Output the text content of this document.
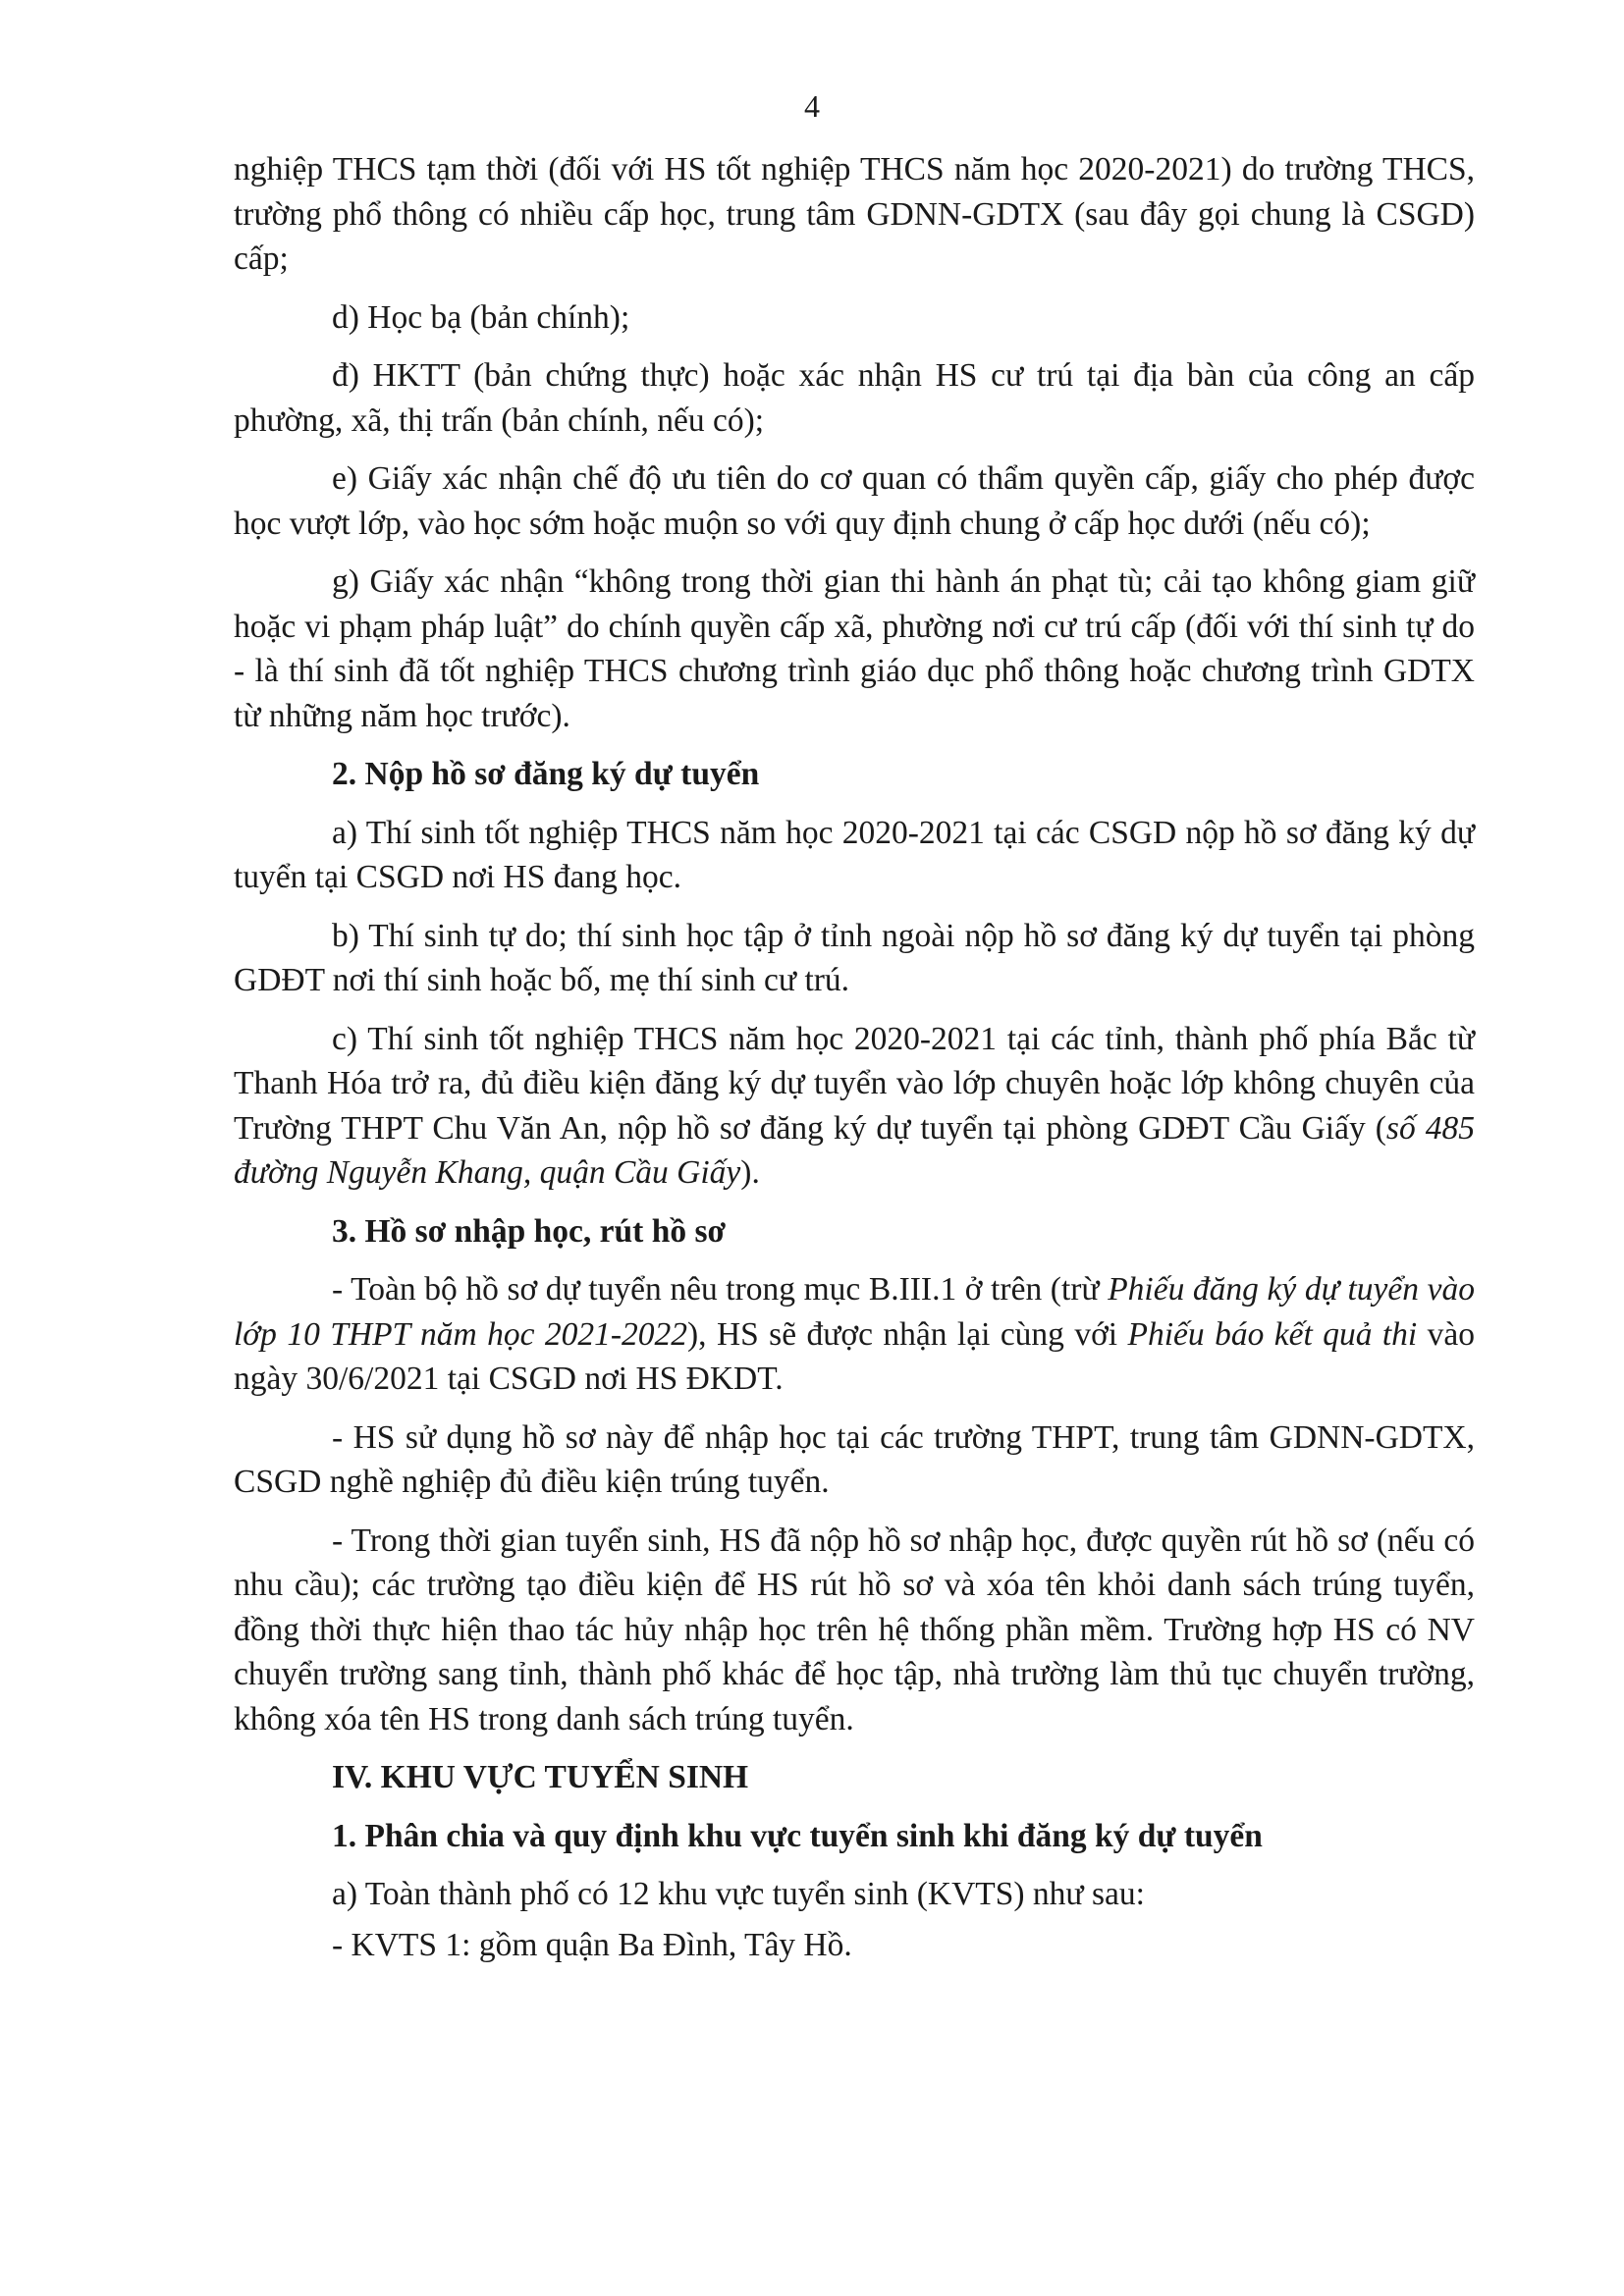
4

nghiệp THCS tạm thời (đối với HS tốt nghiệp THCS năm học 2020-2021) do trường THCS, trường phổ thông có nhiều cấp học, trung tâm GDNN-GDTX (sau đây gọi chung là CSGD) cấp;

d) Học bạ (bản chính);

đ) HKTT (bản chứng thực) hoặc xác nhận HS cư trú tại địa bàn của công an cấp phường, xã, thị trấn (bản chính, nếu có);

e) Giấy xác nhận chế độ ưu tiên do cơ quan có thẩm quyền cấp, giấy cho phép được học vượt lớp, vào học sớm hoặc muộn so với quy định chung ở cấp học dưới (nếu có);

g) Giấy xác nhận “không trong thời gian thi hành án phạt tù; cải tạo không giam giữ hoặc vi phạm pháp luật” do chính quyền cấp xã, phường nơi cư trú cấp (đối với thí sinh tự do - là thí sinh đã tốt nghiệp THCS chương trình giáo dục phổ thông hoặc chương trình GDTX từ những năm học trước).

2. Nộp hồ sơ đăng ký dự tuyển

a) Thí sinh tốt nghiệp THCS năm học 2020-2021 tại các CSGD nộp hồ sơ đăng ký dự tuyển tại CSGD nơi HS đang học.

b) Thí sinh tự do; thí sinh học tập ở tỉnh ngoài nộp hồ sơ đăng ký dự tuyển tại phòng GDĐT nơi thí sinh hoặc bố, mẹ thí sinh cư trú.

c) Thí sinh tốt nghiệp THCS năm học 2020-2021 tại các tỉnh, thành phố phía Bắc từ Thanh Hóa trở ra, đủ điều kiện đăng ký dự tuyển vào lớp chuyên hoặc lớp không chuyên của Trường THPT Chu Văn An, nộp hồ sơ đăng ký dự tuyển tại phòng GDĐT Cầu Giấy (số 485 đường Nguyễn Khang, quận Cầu Giấy).

3. Hồ sơ nhập học, rút hồ sơ

- Toàn bộ hồ sơ dự tuyển nêu trong mục B.III.1 ở trên (trừ Phiếu đăng ký dự tuyển vào lớp 10 THPT năm học 2021-2022), HS sẽ được nhận lại cùng với Phiếu báo kết quả thi vào ngày 30/6/2021 tại CSGD nơi HS ĐKDT.

- HS sử dụng hồ sơ này để nhập học tại các trường THPT, trung tâm GDNN-GDTX, CSGD nghề nghiệp đủ điều kiện trúng tuyển.

- Trong thời gian tuyển sinh, HS đã nộp hồ sơ nhập học, được quyền rút hồ sơ (nếu có nhu cầu); các trường tạo điều kiện để HS rút hồ sơ và xóa tên khỏi danh sách trúng tuyển, đồng thời thực hiện thao tác hủy nhập học trên hệ thống phần mềm. Trường hợp HS có NV chuyển trường sang tỉnh, thành phố khác để học tập, nhà trường làm thủ tục chuyển trường, không xóa tên HS trong danh sách trúng tuyển.

IV. KHU VỰC TUYỂN SINH
1. Phân chia và quy định khu vực tuyển sinh khi đăng ký dự tuyển
a) Toàn thành phố có 12 khu vực tuyển sinh (KVTS) như sau:
- KVTS 1: gồm quận Ba Đình, Tây Hồ.
